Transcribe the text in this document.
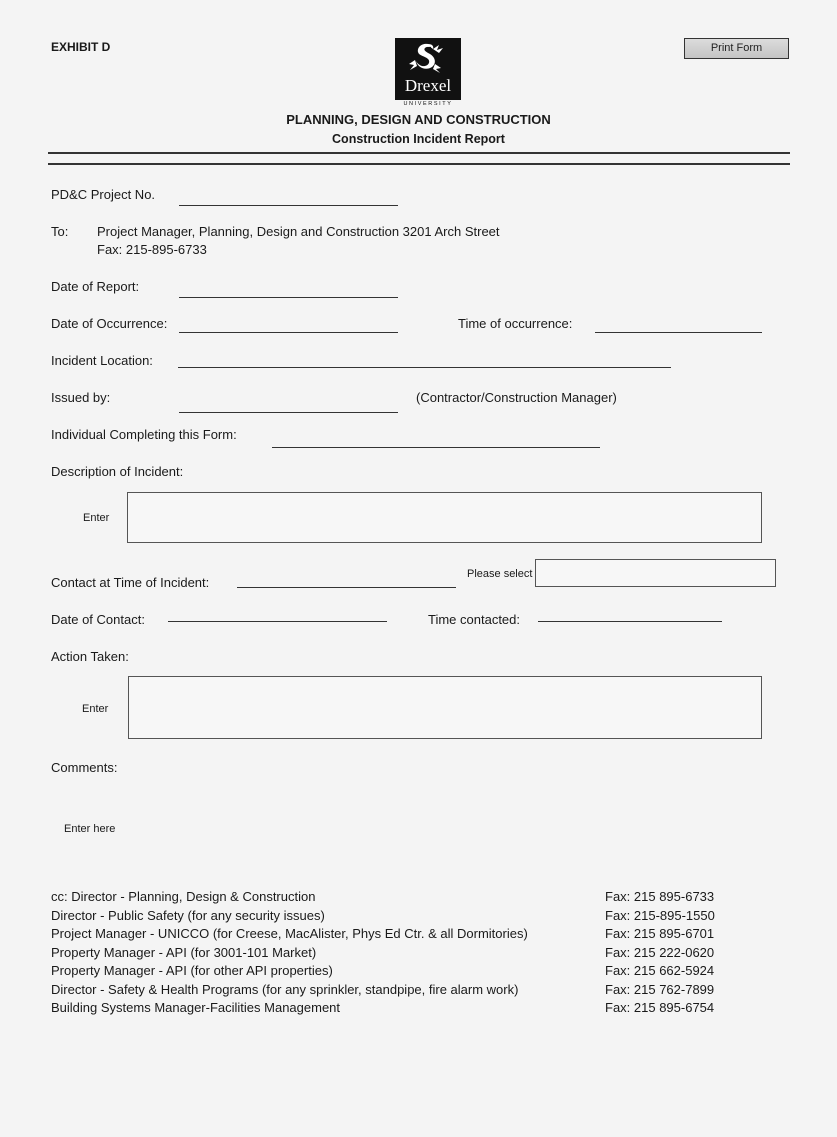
EXHIBIT D
Drexel
UNIVERSITY
Print Form
PLANNING, DESIGN AND CONSTRUCTION
Construction Incident Report
PD&C Project No.
To: Project Manager, Planning, Design and Construction 3201 Arch Street
Fax: 215-895-6733
Date of Report:
Date of Occurrence:	Time of occurrence:
Incident Location:
Issued by:	(Contractor/Construction Manager)
Individual Completing this Form:
Description of Incident:
Enter
Please select
Contact at Time of Incident:
Date of Contact:	Time contacted:
Action Taken:
Enter
Comments:
Enter here
cc: Director - Planning, Design & Construction	Fax: 215 895-6733
Director - Public Safety (for any security issues)	Fax: 215-895-1550
Project Manager - UNICCO (for Creese, MacAlister, Phys Ed Ctr. & all Dormitories)	Fax: 215 895-6701
Property Manager - API (for 3001-101 Market)	Fax: 215 222-0620
Property Manager - API (for other API properties)	Fax: 215 662-5924
Director - Safety & Health Programs (for any sprinkler, standpipe, fire alarm work)	Fax: 215 762-7899
Building Systems Manager-Facilities Management	Fax: 215 895-6754
